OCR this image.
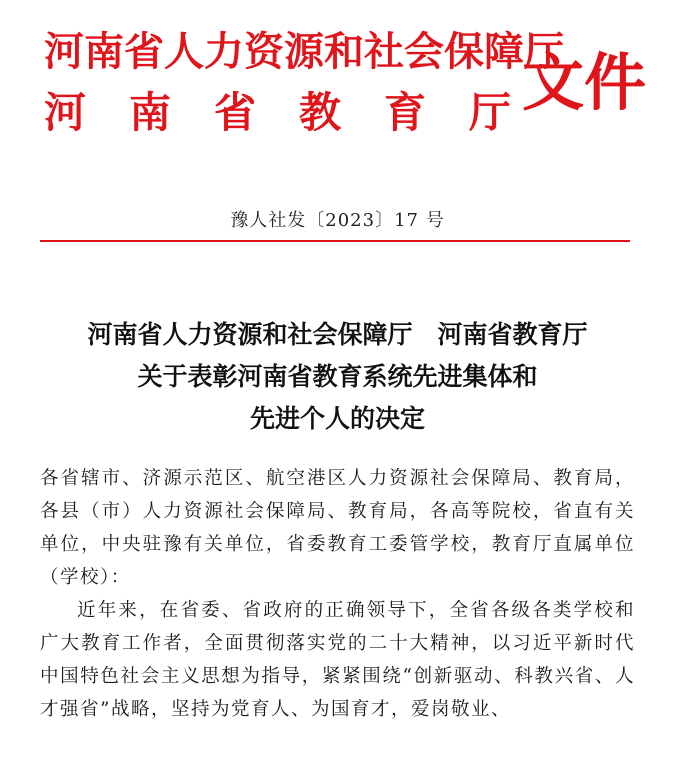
河南省人力资源和社会保障厅
河南省教育厅
文件
豫人社发〔2023〕17 号
河南省人力资源和社会保障厅　河南省教育厅
关于表彰河南省教育系统先进集体和
先进个人的决定

各省辖市、济源示范区、航空港区人力资源社会保障局、教育局，各县（市）人力资源社会保障局、教育局，各高等院校，省直有关单位，中央驻豫有关单位，省委教育工委管学校，教育厅直属单位（学校）：

近年来，在省委、省政府的正确领导下，全省各级各类学校和广大教育工作者，全面贯彻落实党的二十大精神，以习近平新时代中国特色社会主义思想为指导，紧紧围绕“创新驱动、科教兴省、人才强省”战略，坚持为党育人、为国育才，爱岗敬业、
